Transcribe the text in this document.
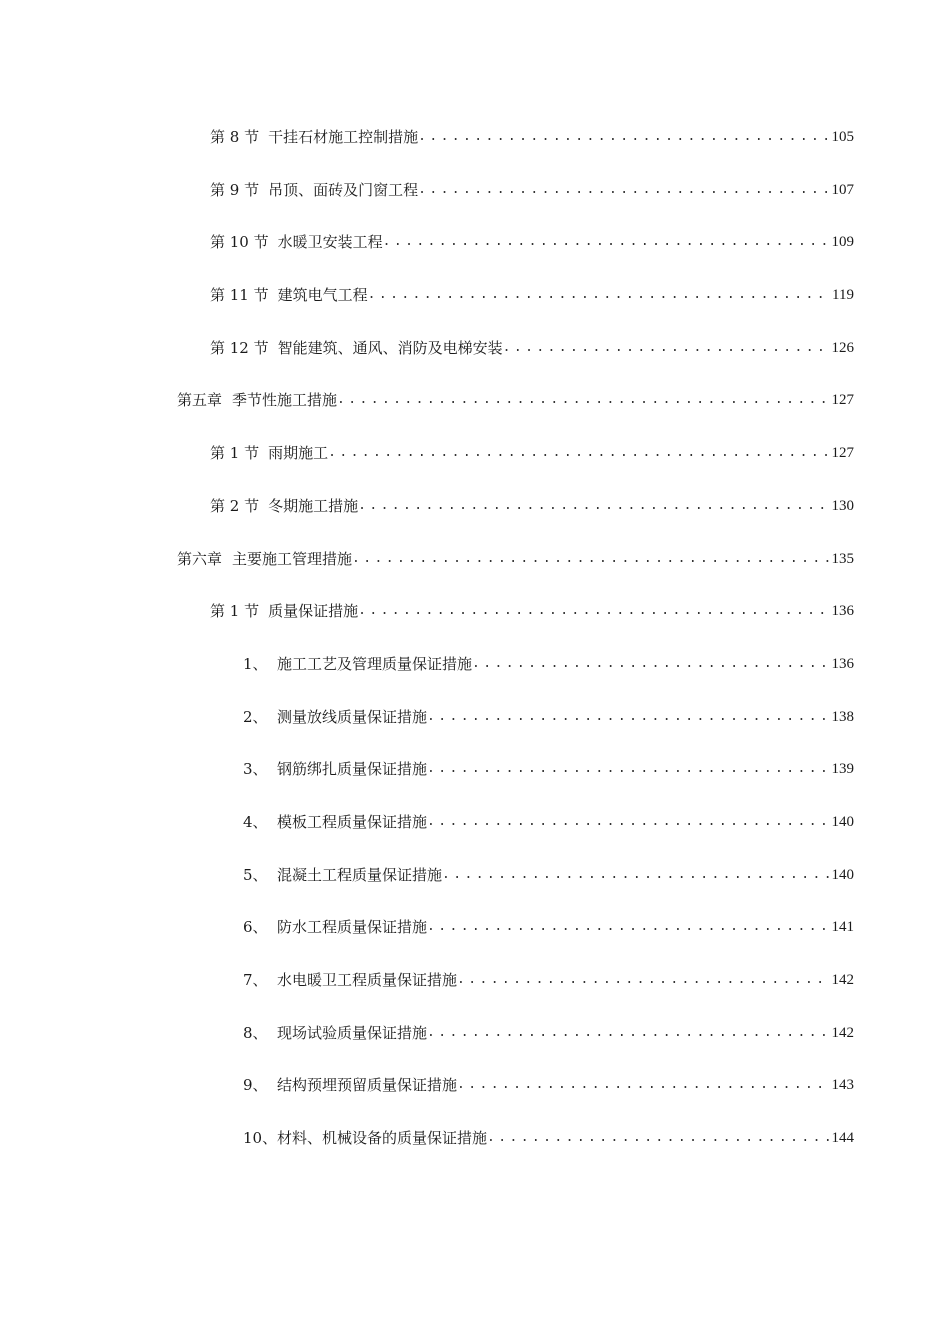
第 8 节 干挂石材施工控制措施 .....	105
第 9 节 吊顶、面砖及门窗工程 .....	107
第 10 节 水暖卫安装工程 .....	109
第 11 节 建筑电气工程 .....	119
第 12 节 智能建筑、通风、消防及电梯安装 .....	126
第五章 季节性施工措施 .....	127
第 1 节 雨期施工 .....	127
第 2 节 冬期施工措施 .....	130
第六章 主要施工管理措施 .....	135
第 1 节 质量保证措施 .....	136
1、 施工工艺及管理质量保证措施 .....	136
2、 测量放线质量保证措施 .....	138
3、 钢筋绑扎质量保证措施 .....	139
4、 模板工程质量保证措施 .....	140
5、 混凝土工程质量保证措施 .....	140
6、 防水工程质量保证措施 .....	141
7、 水电暖卫工程质量保证措施 .....	142
8、 现场试验质量保证措施 .....	142
9、 结构预埋预留质量保证措施 .....	143
10、 材料、机械设备的质量保证措施 .....	144
